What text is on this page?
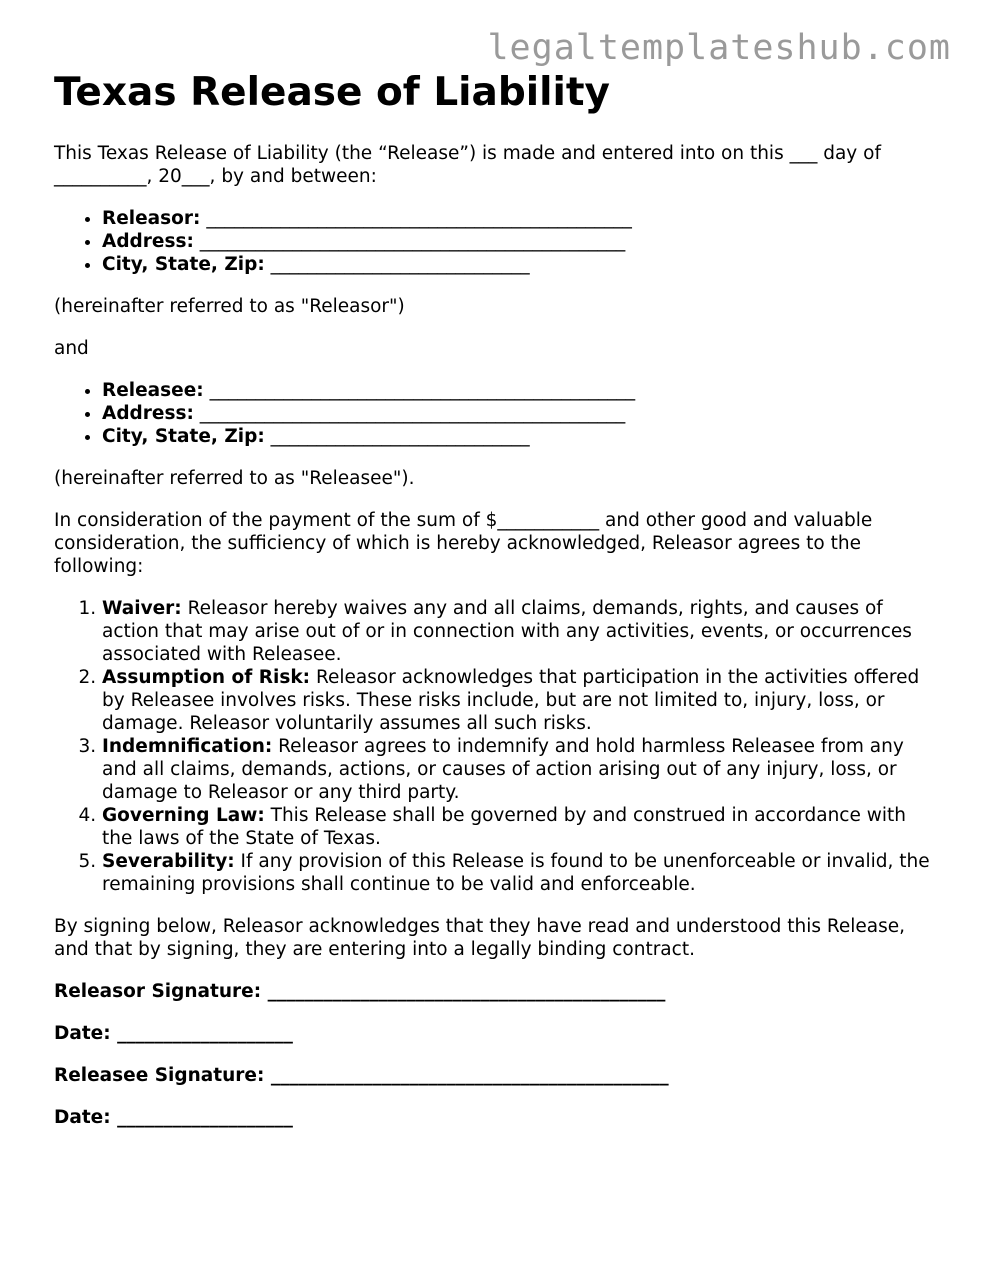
legaltemplateshub.com
Texas Release of Liability

This Texas Release of Liability (the “Release”) is made and entered into on this ___ day of __________, 20___, by and between:

• Releasor: ______________________________________________
• Address: ______________________________________________
• City, State, Zip: ____________________________

(hereinafter referred to as "Releasor")

and

• Releasee: ______________________________________________
• Address: ______________________________________________
• City, State, Zip: ____________________________

(hereinafter referred to as "Releasee").

In consideration of the payment of the sum of $___________ and other good and valuable consideration, the sufficiency of which is hereby acknowledged, Releasor agrees to the following:

1. Waiver: Releasor hereby waives any and all claims, demands, rights, and causes of action that may arise out of or in connection with any activities, events, or occurrences associated with Releasee.
2. Assumption of Risk: Releasor acknowledges that participation in the activities offered by Releasee involves risks. These risks include, but are not limited to, injury, loss, or damage. Releasor voluntarily assumes all such risks.
3. Indemnification: Releasor agrees to indemnify and hold harmless Releasee from any and all claims, demands, actions, or causes of action arising out of any injury, loss, or damage to Releasor or any third party.
4. Governing Law: This Release shall be governed by and construed in accordance with the laws of the State of Texas.
5. Severability: If any provision of this Release is found to be unenforceable or invalid, the remaining provisions shall continue to be valid and enforceable.

By signing below, Releasor acknowledges that they have read and understood this Release, and that by signing, they are entering into a legally binding contract.

Releasor Signature: ___________________________________________

Date: ___________________

Releasee Signature: ___________________________________________

Date: ___________________
